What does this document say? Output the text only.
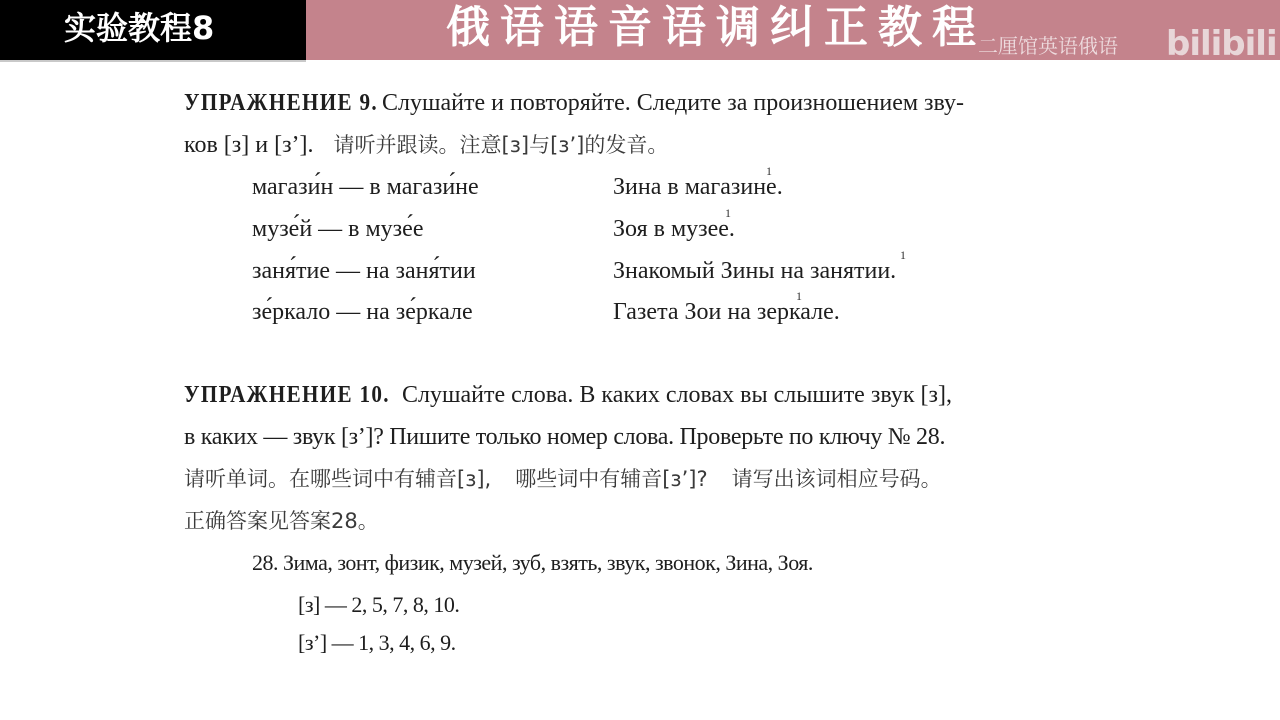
实验教程8	俄语语音语调纠正教程
二厘馆英语俄语 bilibili
УПРАЖНЕНИЕ 9. Слушайте и повторяйте. Следите за произношением зву-
ков [з] и [з’]. 请听并跟读。注意[з]与[з’]的发音。
магази́н — в магази́не	Зина в магазине.
1
музе́й — в музе́е	Зоя в музее.
1
заня́тие — на заня́тии	Знакомый Зины на занятии.
1
зе́ркало — на зе́ркале	Газета Зои на зеркале.
1
УПРАЖНЕНИЕ 10. Слушайте слова. В каких словах вы слышите звук [з],
в каких — звук [з’]? Пишите только номер слова. Проверьте по ключу № 28.
请听单词。在哪些词中有辅音[з], 哪些词中有辅音[з’]? 请写出该词相应号码。
正确答案见答案28。
28. Зима, зонт, физик, музей, зуб, взять, звук, звонок, Зина, Зоя.
[з] — 2, 5, 7, 8, 10.
[з’] — 1, 3, 4, 6, 9.
